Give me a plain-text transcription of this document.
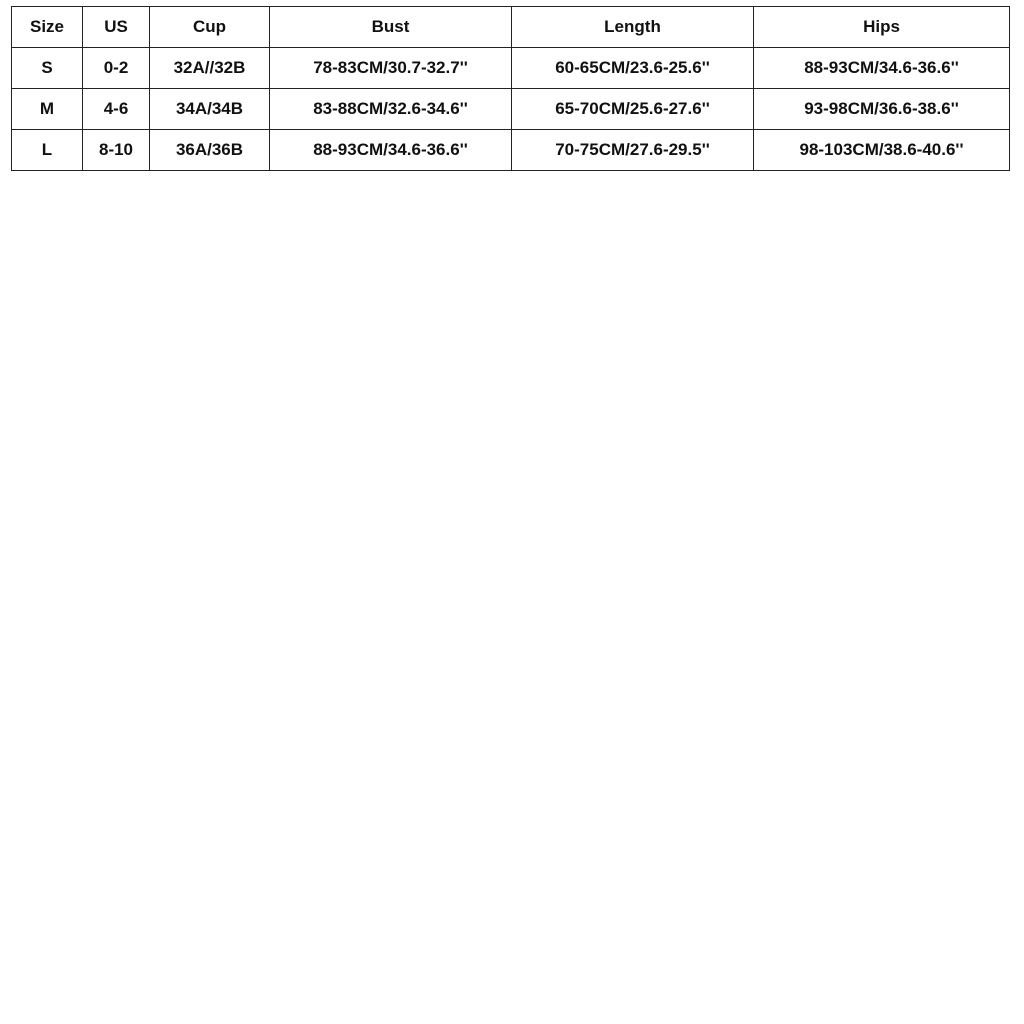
Size	US	Cup	Bust	Length	Hips
S	0-2	32A//32B	78-83CM/30.7-32.7''	60-65CM/23.6-25.6''	88-93CM/34.6-36.6''
M	4-6	34A/34B	83-88CM/32.6-34.6''	65-70CM/25.6-27.6''	93-98CM/36.6-38.6''
L	8-10	36A/36B	88-93CM/34.6-36.6''	70-75CM/27.6-29.5''	98-103CM/38.6-40.6''
